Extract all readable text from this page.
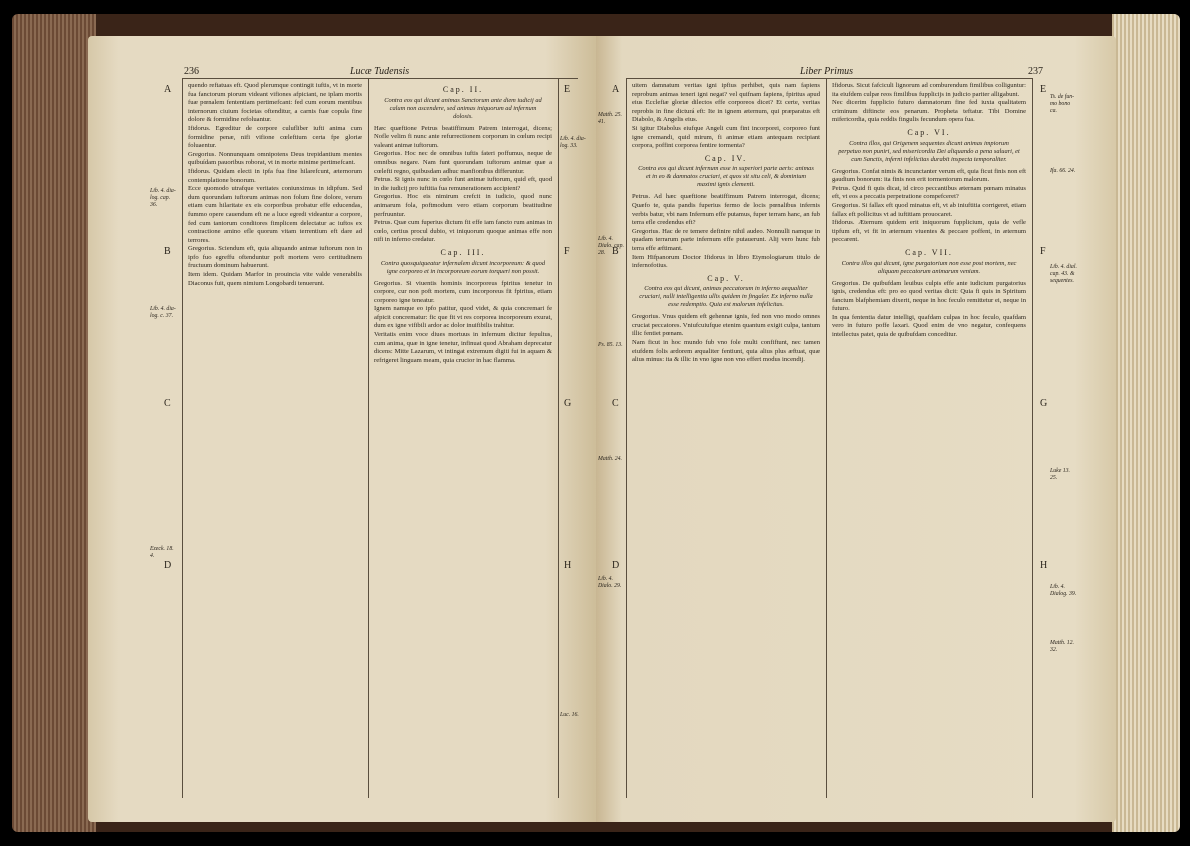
236	Lucæ Tudensis
A
B
C
D
E
F
G
H
Lib. 4. dia-log. cap. 36.
Lib. 4. dia-log. c. 37.
Ezeck. 18. 4.
Lib. 4. dia-log. 33.
Luc. 16.

quendo reftatuas eft. Quod plerumque contingit iuftis, vt in morte fua fanctorum piorum videant vifiones afpiciant, ne iplam mortis fuæ pœnalem fententiam pertimefcant: fed cum eorum mentibus internorum ciuium focietas oftenditur, a carnis fuæ copula fine dolore & formidine refoluantur.

Ifidorus. Egreditur de corpore culufliber iufti anima cum formidine penæ, nifi vifione cœleftium certa fpe gloriæ foluaentur.

Gregorius. Nonnunquam omnipotens Deus trepidantium mentes quibuídam pauoribus roborat, vt in morte minime pertimefcant.

Ifidorus. Quidam electi in ipfa fua fine hilarefcunt, æternorum contemplatione bonorum.

Ecce quomodo utrafque veritates coniunximus in idipfum. Sed dum quorundam iuftorum animas non folum fine dolore, verum etiam cum hilaritate ex eis corporibus probatur effe educendas, fummo opere cauendum eft ne a luce egredi videantur a corpore, fed cum tantorum conditores fimplicem delectatur ac iuftos ex contractione amino efle quorum vitam terrentium eft dare ad terrores.

Gregorius. Sciendum eft, quia aliquando animæ iuftorum non in ipfo fuo egreffu oftenduntur poft mortem vero certitudinem fructuum dominum habuerunt.

Item idem. Quidam Marfor in prouincia vite valde venerabilis Diaconus fuit, quem nimium Longobardi tenuerunt.

Cap. II.
Contra eos qui dicunt animas Sanctorum ante diem iudicij ad calum non ascendere, sed animas iniquorum ad infernum dolosis.

Hæc quæftione Petrus beatiffimum Patrem interrogat, dicens; Nofle velim fi nunc ante refurrectionem corporum in cœlum recipi valeant animæ iuftorum.

Gregorius. Hoc nec de omnibus iuftis fateri poffumus, neque de omnibus negare. Nam funt quorundam iuftorum animæ quæ a cœlefti regno, quibusdam adhuc manfionibus differuntur.

Petrus. Si ignis nunc in cœlo funt animæ iuftorum, quid eft, quod in die iudicij pro iuftitia fua remunerationem accipient?

Gregorius. Hoc eis nimirum crefcit in iudicio, quod nunc animarum fola, poftmodum vero etiam corporum beatitudine perfruuntur.

Petrus. Quæ cum fuperius dictum fit effe iam fancto rum animas in cœlo, certius procul dubio, vt iniquorum quoque animas effe non nifi in inferno credatur.

Cap. III.
Contra quosquiqueatur infernalem dicunt incorporeum: & quod igne corporeo et in incorporeum eorum torqueri non possit.

Gregorius. Si viuentis hominis incorporeus fpiritus tenetur in corpore, cur non poft mortem, cum incorporeus fit fpiritus, etiam corporeo igne teneatur.

Ignem namque eo ipfo patitur, quod videt, & quia concremari fe afpicit concrematur: fic que fit vt res corporea incorporeum exurat, dum ex igne vifibili ardor ac dolor inuifibilis trahitur.

Veritatis enim voce diues mortuus in infernum dicitur fepultus, cum anima, quæ in igne tenetur, infinuat quod Abraham deprecatur dicens: Mitte Lazarum, vt intingat extremum digiti fui in aquam & refrigeret linguam meam, quia crucior in hac flamma.

Liber Primus	237
A
B
C
D
E
F
G
H
Matth. 25. 41.
Lib. 4. Dialo. cap. 28.
Ps. 85. 13.
Matth. 24.
Lib. 4. Dialo. 29.
Ts. de fun-mo bono ca.
Ifa. 66. 24.
Lib. 4. dial. cap. 43. & sequentes.
Luke 13. 25.
Lib. 4. Dialog. 39.
Matth. 12. 32.

uitem damnatum veritas igni ipfius perhibet, quis nam fapiens reprobum animas teneri igni negat? vel quifnam fapiens, fpiritus apud eius Ecclefiæ gloriæ dilectos effe corporeos dicet? Et certe, veritas reprobis in fine dicturá eft: Ite in ignem æternum, qui præparatus eft Diabolo, & Angelis eius.

Si igitur Diabolus eiufque Angeli cum fint incorporei, corporeo funt igne cremandi, quid mirum, fi animæ etiam antequam recipiant corpora, poffint corporea fentire tormenta?

Cap. IV.
Contra eos qui dicunt infernum esse in superiori parte aeris: animas et in eo & damnatos cruciari, et quos sit situ celi, & dominium maximi ignis clementi.

Petrus. Ad hæc quæftione beatiffimum Patrem interrogat, dicens; Quæfo te, quia pandis fuperius fermo de locis pœnalibus infernis verbis batur, vbi nam Infernum effe putamus, fuper terram hanc, an fub terra efle credendus eft?

Gregorius. Hac de re temere definire nihil audeo. Nonnulli namque in quadam terrarum parte infernum effe putauerunt. Alij vero hunc fub terra effe æftimant.

Item Hifpanorum Doctor Ifidorus in libro Etymologiarum titulo de infernofotius.

Cap. V.
Contra eos qui dicunt, animas peccatorum in inferno aequaliter cruciari, nulli intelligentia ullis quidem in fingaler. Ex inferno nulla esse redemptio. Quia est malorum infelicitas.

Gregorius. Vnus quidem eft gehennæ ignis, fed non vno modo omnes cruciat peccatores. Vniufcuiufque etenim quantum exigit culpa, tantum illic fentiet pœnam.

Nam ficut in hoc mundo fub vno fole multi confiftunt, nec tamen eiufdem folis ardorem æqualiter fentiunt, quia alius plus æftuat, quæ alius minus: ita & illic in vno igne non vno effert modus incendij.

Ifidorus. Sicut fafciculi lignorum ad comburendum fimilibus colliguntur: ita eiufdem culpæ reos fimilibus fupplicijs in judicio pariter alligabunt.

Nec dicerim fupplicio futuro damnatorum fine fed iuxta qualitatem criminum diftincte eos penarum. Propheta teftatur. Tibi Domine mifericordia, quia reddis fingulis fecundum opera fua.

Cap. VI.
Contra illos, qui Origenem sequentes dicunt animas impiorum perpetuo non puniri, sed misericordia Dei aliquando a pena saluari, et cum Sanctis, inferni infelicitas durabit inspecta temporaliter.

Gregorius. Confat nimis & incunctanter verum eft, quia ficut finis non eft gaudium bonorum: ita finis non erit tormentorum malorum.

Petrus. Quid fi quis dicat, id circo peccantibus æternam pœnam minatus eft, vt eos a peccatis perpetratione compefceret?

Gregorius. Si fallax eft quod minatus eft, vt ab iniuftitia corrigeret, etiam fallax eft pollicitus vt ad iuftitiam prouocaret.

Ifidorus. Æternum quidem erit iniquorum fupplicium, quia de vefle tipfum eft, vt fit in æternum viuentes & peccare poffent, in æternum peccarent.

Cap. VII.
Contra illos qui dicunt, igne purgatorium non esse post mortem, nec aliquam peccatorum animarum veniam.

Gregorius. De quibufdam leuibus culpis effe ante iudicium purgatorius ignis, credendus eft: pro eo quod veritas dicit: Quia fi quis in Spiritum fanctum blafphemiam dixerit, neque in hoc feculo remittetur ei, neque in futuro.

In qua fententia datur intelligi, quafdam culpas in hoc feculo, quafdam vero in futuro poffe laxari. Quod enim de vno negatur, confequens intellectus patet, quia de quibufdam conceditur.
